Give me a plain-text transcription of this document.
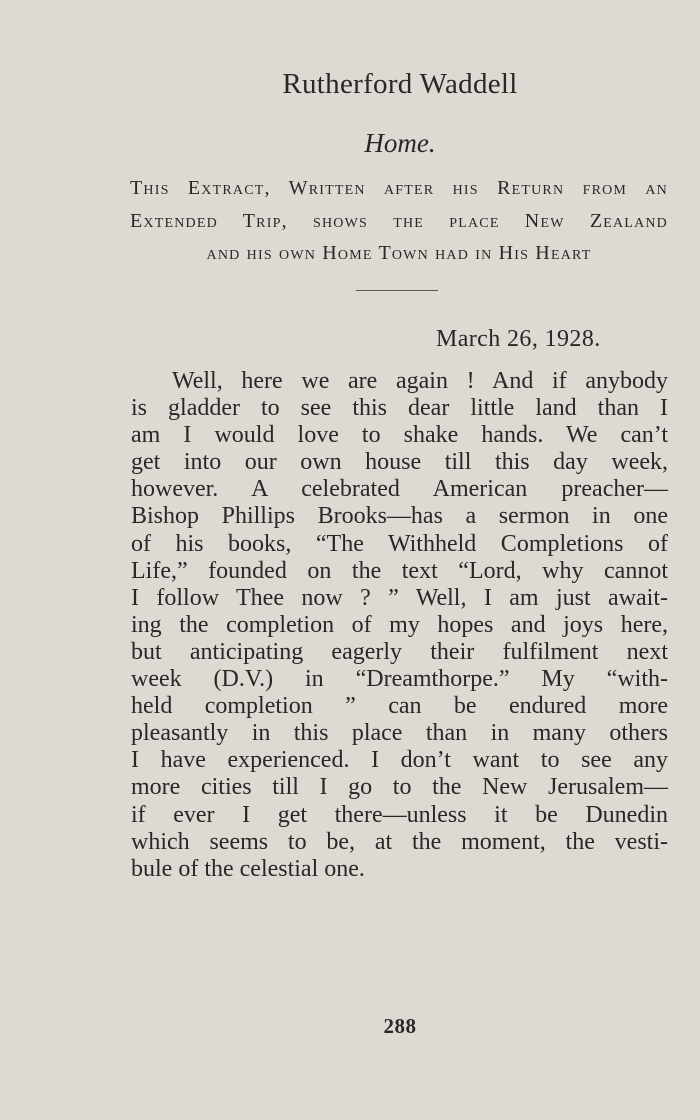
Rutherford Waddell
Home.
This Extract, Written after his Return from an
Extended Trip, shows the place New Zealand
and his own Home Town had in His Heart
March 26, 1928.
Well, here we are again ! And if anybody
is gladder to see this dear little land than I
am I would love to shake hands. We can’t
get into our own house till this day week,
however. A celebrated American preacher—
Bishop Phillips Brooks—has a sermon in one
of his books, “The Withheld Completions of
Life,” founded on the text “Lord, why cannot
I follow Thee now ? ” Well, I am just await-
ing the completion of my hopes and joys here,
but anticipating eagerly their fulfilment next
week (D.V.) in “Dreamthorpe.” My “with-
held completion ” can be endured more
pleasantly in this place than in many others
I have experienced. I don’t want to see any
more cities till I go to the New Jerusalem—
if ever I get there—unless it be Dunedin
which seems to be, at the moment, the vesti-
bule of the celestial one.
288
